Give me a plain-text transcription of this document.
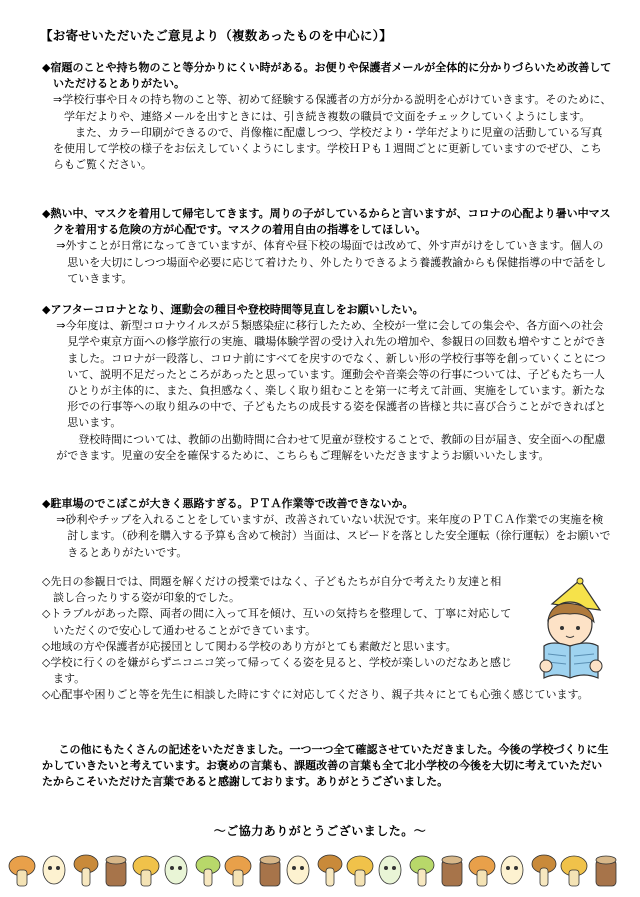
【お寄せいただいたご意見より（複数あったものを中心に）】

◆宿題のことや持ち物のこと等分かりにくい時がある。お便りや保護者メールが全体的に分かりづらいため改善していただけるとありがたい。

⇒学校行事や日々の持ち物のこと等、初めて経験する保護者の方が分かる説明を心がけていきます。そのために、学年だよりや、連絡メールを出すときには、引き続き複数の職員で文面をチェックしていくようにします。

また、カラー印刷ができるので、肖像権に配慮しつつ、学校だより・学年だよりに児童の活動している写真を使用して学校の様子をお伝えしていくようにします。学校ＨＰも１週間ごとに更新していますのでぜひ、こちらもご覧ください。

◆熱い中、マスクを着用して帰宅してきます。周りの子がしているからと言いますが、コロナの心配より暑い中マスクを着用する危険の方が心配です。マスクの着用自由の指導をしてほしい。

⇒外すことが日常になってきていますが、体育や昼下校の場面では改めて、外す声がけをしていきます。個人の思いを大切にしつつ場面や必要に応じて着けたり、外したりできるよう養護教諭からも保健指導の中で話をしていきます。

◆アフターコロナとなり、運動会の種目や登校時間等見直しをお願いしたい。

⇒今年度は、新型コロナウイルスが５類感染症に移行したため、全校が一堂に会しての集会や、各方面への社会見学や東京方面への修学旅行の実施、職場体験学習の受け入れ先の増加や、参観日の回数も増やすことができました。コロナが一段落し、コロナ前にすべてを戻すのでなく、新しい形の学校行事等を創っていくことについて、説明不足だったところがあったと思っています。運動会や音楽会等の行事については、子どもたち一人ひとりが主体的に、また、負担感なく、楽しく取り組むことを第一に考えて計画、実施をしています。新たな形での行事等への取り組みの中で、子どもたちの成長する姿を保護者の皆様と共に喜び合うことができればと思います。

登校時間については、教師の出勤時間に合わせて児童が登校することで、教師の目が届き、安全面への配慮ができます。児童の安全を確保するために、こちらもご理解をいただきますようお願いいたします。

◆駐車場のでこぼこが大きく悪路すぎる。ＰＴＡ作業等で改善できないか。

⇒砂利やチップを入れることをしていますが、改善されていない状況です。来年度のＰＴＣＡ作業での実施を検討します。（砂利を購入する予算も含めて検討）当面は、スピードを落とした安全運転（徐行運転）をお願いできるとありがたいです。

◇先日の参観日では、問題を解くだけの授業ではなく、子どもたちが自分で考えたり友達と相談し合ったりする姿が印象的でした。

◇トラブルがあった際、両者の間に入って耳を傾け、互いの気持ちを整理して、丁寧に対応していただくので安心して通わせることができています。

◇地域の方や保護者が応援団として関わる学校のあり方がとても素敵だと思います。

◇学校に行くのを嫌がらずニコニコ笑って帰ってくる姿を見ると、学校が楽しいのだなあと感じます。

◇心配事や困りごと等を先生に相談した時にすぐに対応してくださり、親子共々にとても心強く感じています。

この他にもたくさんの記述をいただきました。一つ一つ全て確認させていただきました。今後の学校づくりに生かしていきたいと考えています。お褒めの言葉も、課題改善の言葉も全て北小学校の今後を大切に考えていただいたからこそいただけた言葉であると感謝しております。ありがとうございました。

～ご協力ありがとうございました。～
